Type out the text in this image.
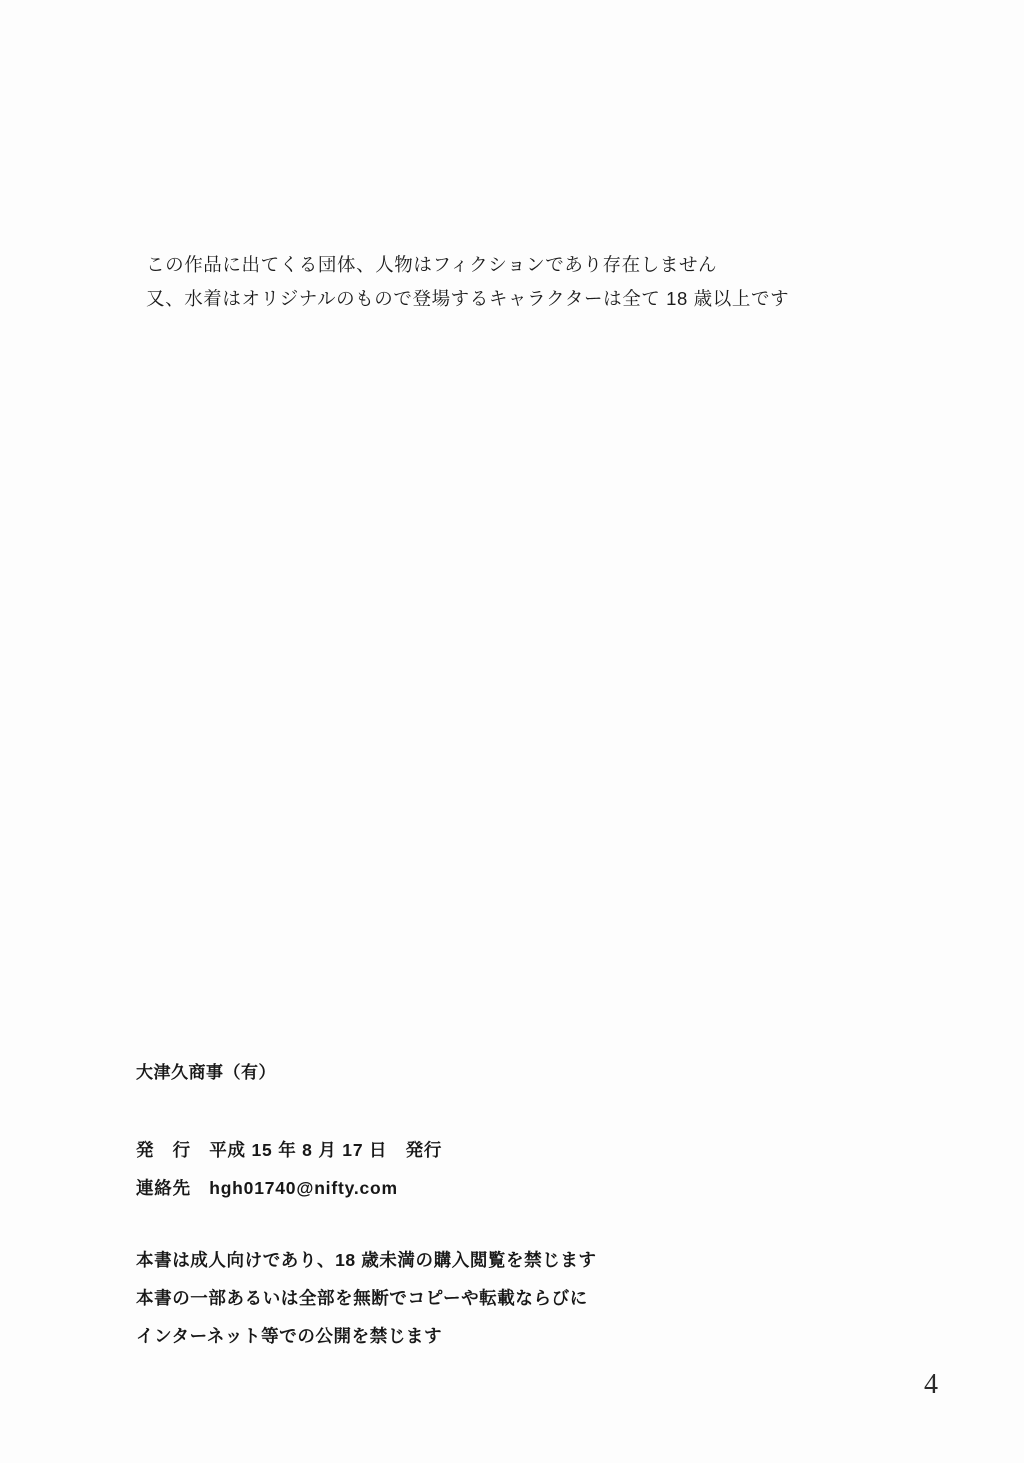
この作品に出てくる団体、人物はフィクションであり存在しません
又、水着はオリジナルのもので登場するキャラクターは全て 18 歳以上です
大津久商事（有）
発　行　平成 15 年 8 月 17 日　発行
連絡先　hgh01740@nifty.com
本書は成人向けであり、18 歳未満の購入閲覧を禁じます
本書の一部あるいは全部を無断でコピーや転載ならびに
インターネット等での公開を禁じます
4
